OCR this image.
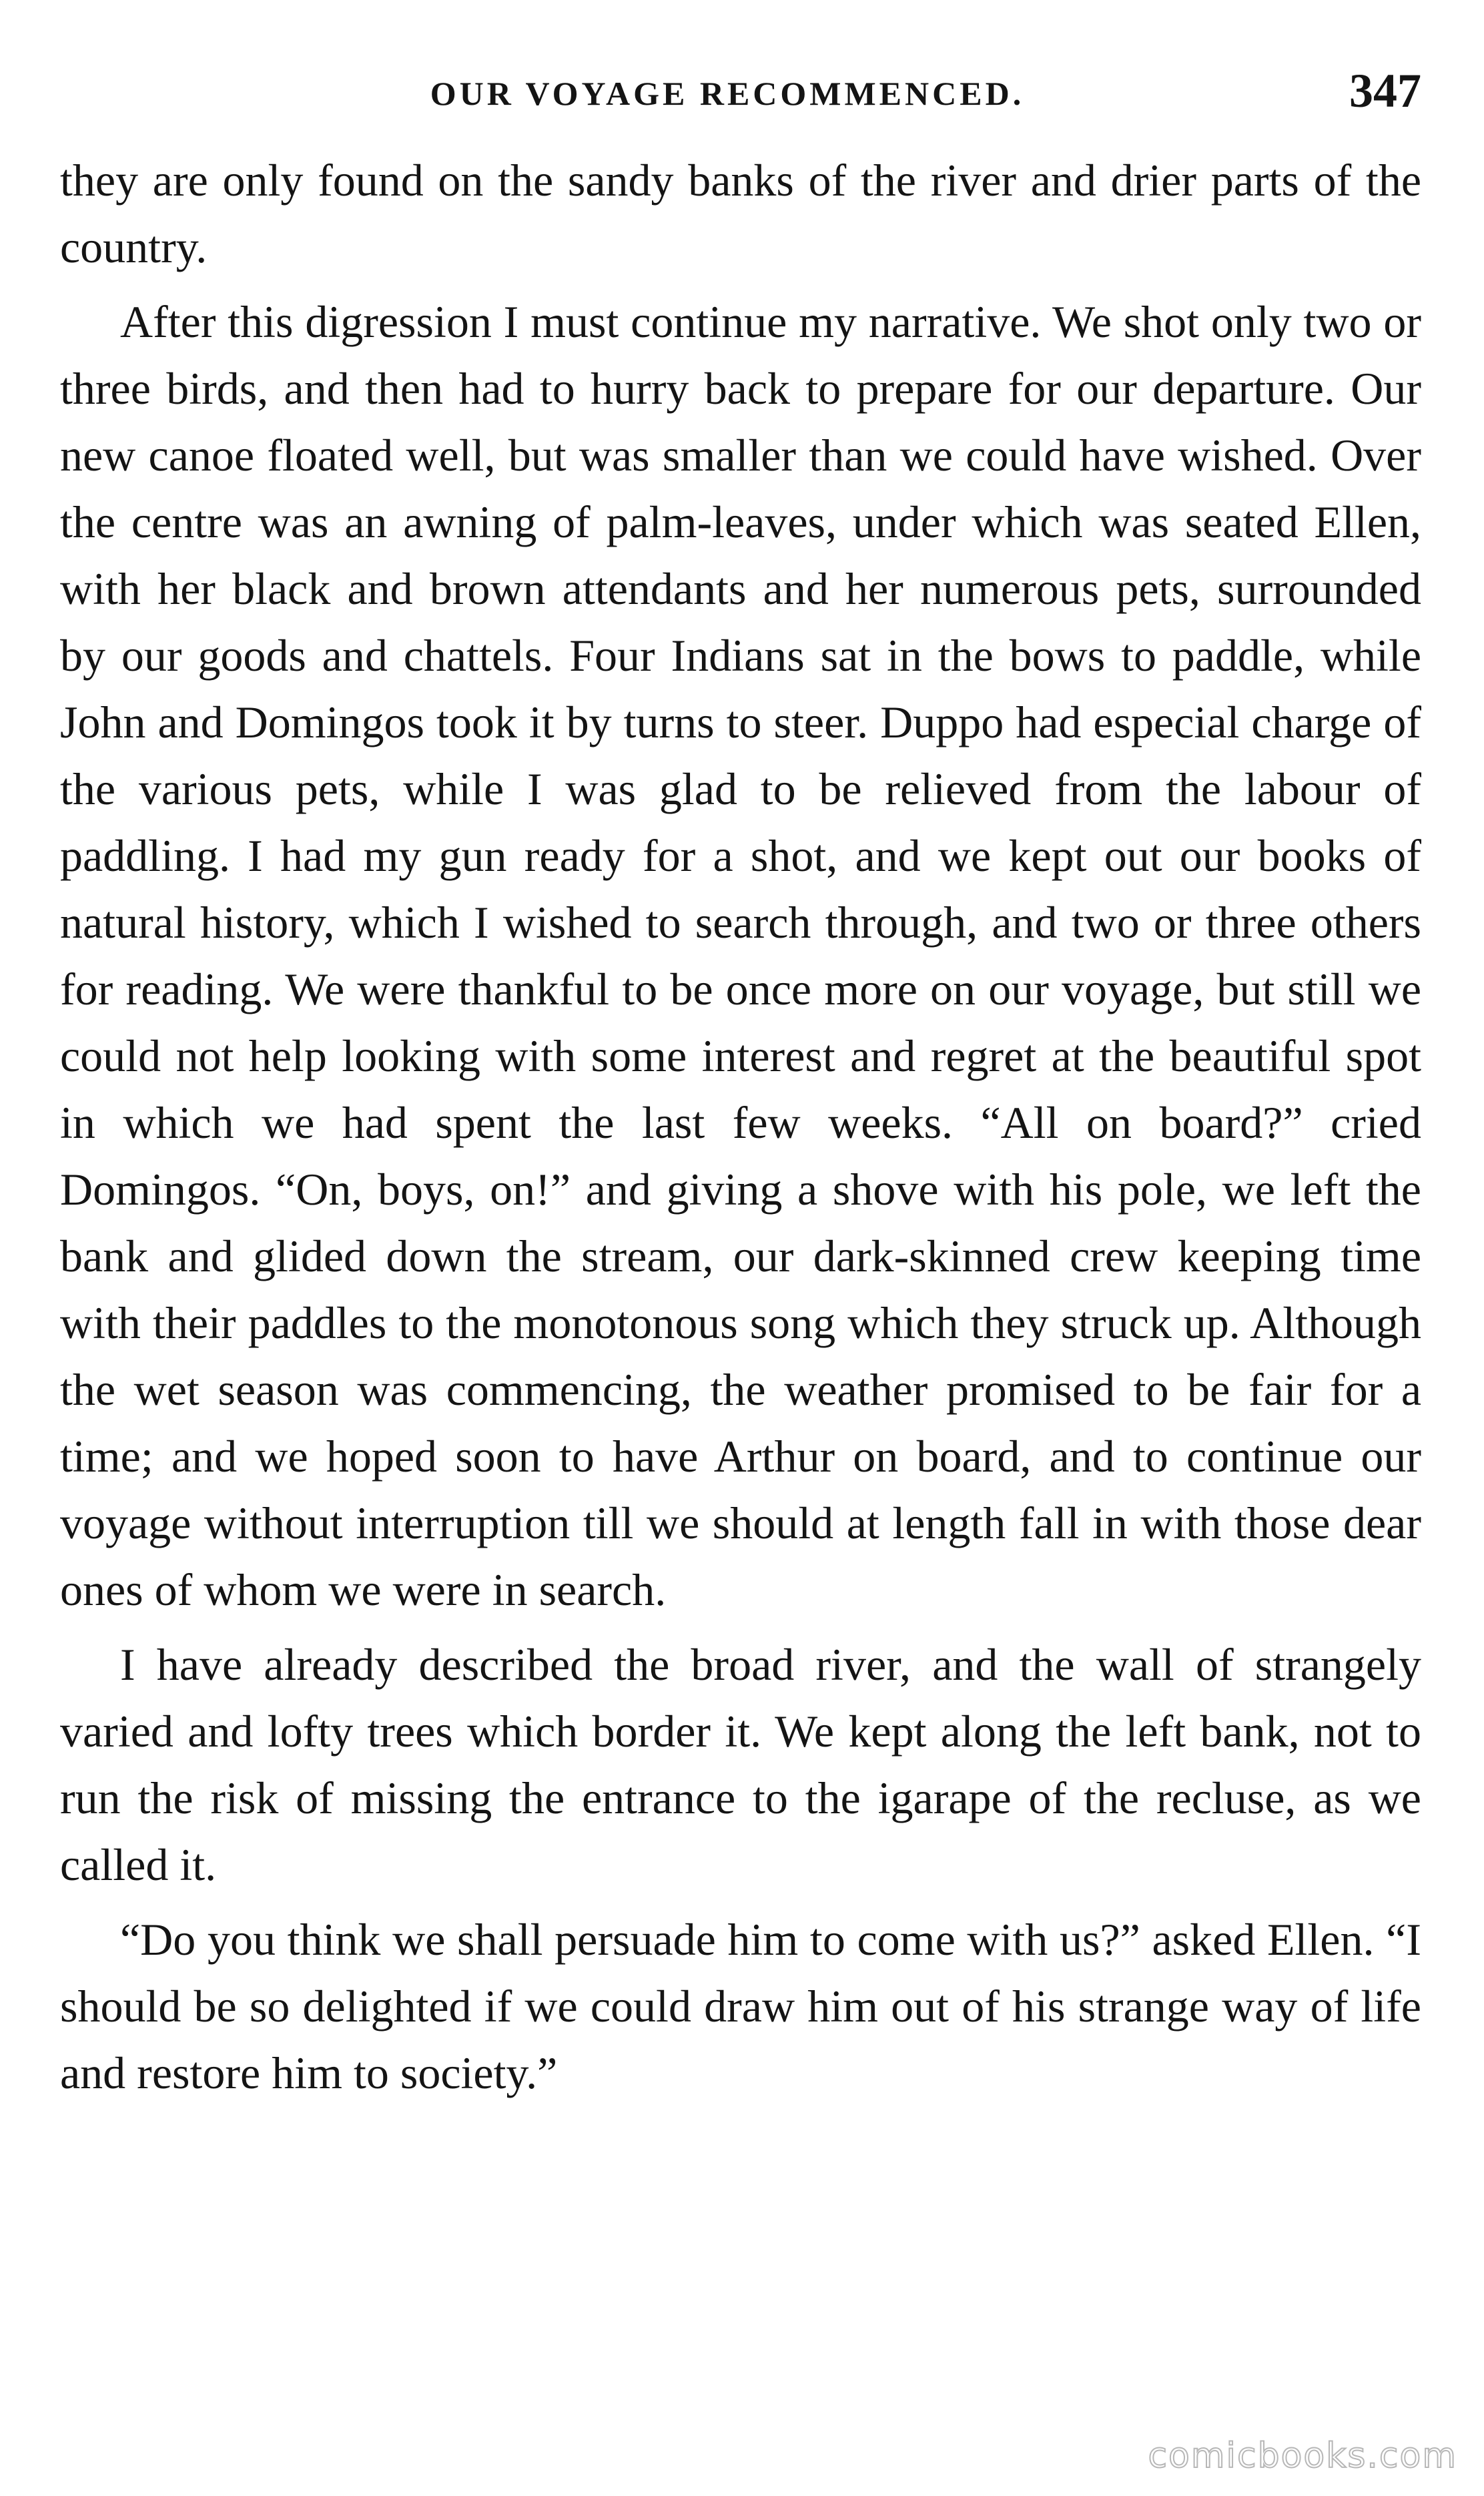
OUR VOYAGE RECOMMENCED.	347

they are only found on the sandy banks of the river and drier parts of the country.

After this digression I must continue my narrative. We shot only two or three birds, and then had to hurry back to prepare for our departure. Our new canoe floated well, but was smaller than we could have wished. Over the centre was an awning of palm-leaves, under which was seated Ellen, with her black and brown attendants and her numerous pets, surrounded by our goods and chattels. Four Indians sat in the bows to paddle, while John and Domingos took it by turns to steer. Duppo had especial charge of the various pets, while I was glad to be relieved from the labour of paddling. I had my gun ready for a shot, and we kept out our books of natural history, which I wished to search through, and two or three others for reading. We were thankful to be once more on our voyage, but still we could not help looking with some interest and regret at the beautiful spot in which we had spent the last few weeks. “All on board?” cried Domingos. “On, boys, on!” and giving a shove with his pole, we left the bank and glided down the stream, our dark-skinned crew keeping time with their paddles to the monotonous song which they struck up. Although the wet season was commencing, the weather promised to be fair for a time; and we hoped soon to have Arthur on board, and to continue our voyage without interruption till we should at length fall in with those dear ones of whom we were in search.

I have already described the broad river, and the wall of strangely varied and lofty trees which border it. We kept along the left bank, not to run the risk of missing the entrance to the igarape of the recluse, as we called it.

“Do you think we shall persuade him to come with us?” asked Ellen. “I should be so delighted if we could draw him out of his strange way of life and restore him to society.”

comicbooks.com
